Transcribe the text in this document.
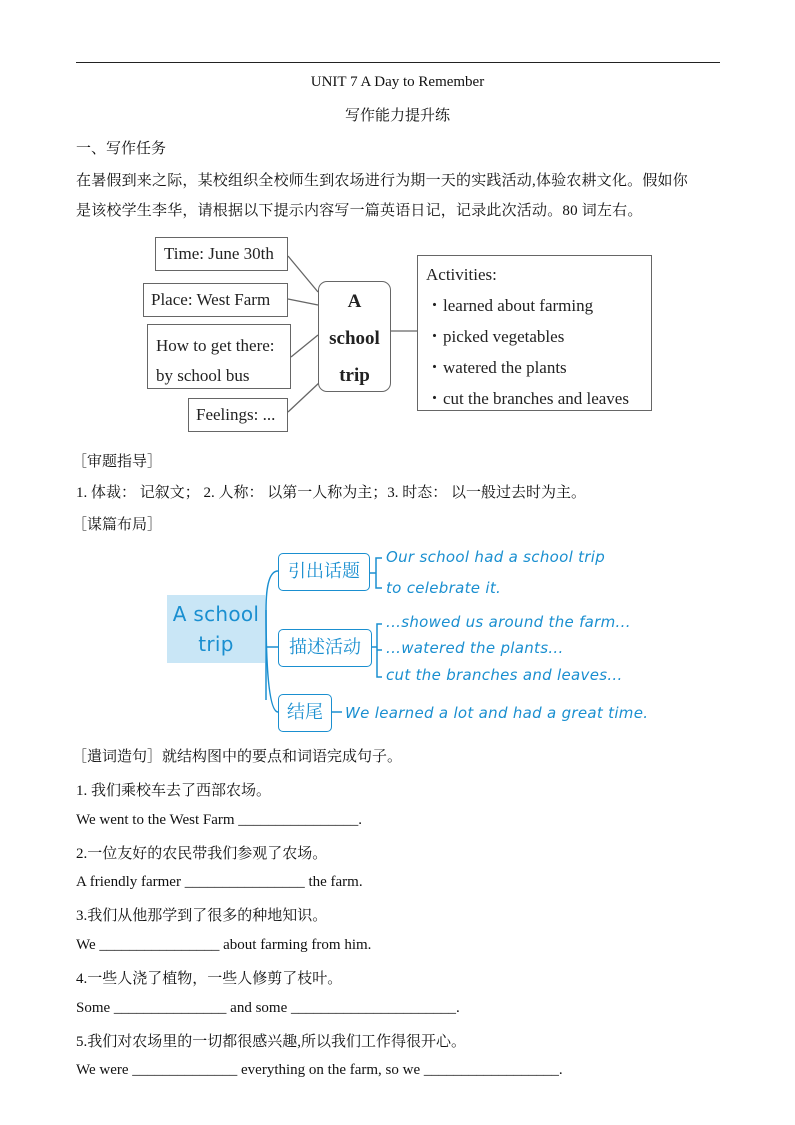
UNIT 7 A Day to Remember
写作能力提升练
一、写作任务
在暑假到来之际，某校组织全校师生到农场进行为期一天的实践活动,体验农耕文化。假如你
是该校学生李华，请根据以下提示内容写一篇英语日记，记录此次活动。80 词左右。
Time: June 30th
Place: West Farm
How to get there:
by school bus
Feelings: ...
A
school
trip
Activities:
・learned about farming
・picked vegetables
・watered the plants
・cut the branches and leaves
［审题指导］
1. 体裁： 记叙文； 2. 人称： 以第一人称为主；3. 时态： 以一般过去时为主。
［谋篇布局］
A school
trip
引出话题
描述活动
结尾
Our school had a school trip
to celebrate it.
...showed us around the farm...
...watered the plants...
cut the branches and leaves...
We learned a lot and had a great time.
［遣词造句］就结构图中的要点和词语完成句子。
1. 我们乘校车去了西部农场。
We went to the West Farm ________________.
2.一位友好的农民带我们参观了农场。
A friendly farmer ________________ the farm.
3.我们从他那学到了很多的种地知识。
We ________________ about farming from him.
4.一些人浇了植物，一些人修剪了枝叶。
Some _______________ and some ______________________.
5.我们对农场里的一切都很感兴趣,所以我们工作得很开心。
We were ______________ everything on the farm, so we __________________.
